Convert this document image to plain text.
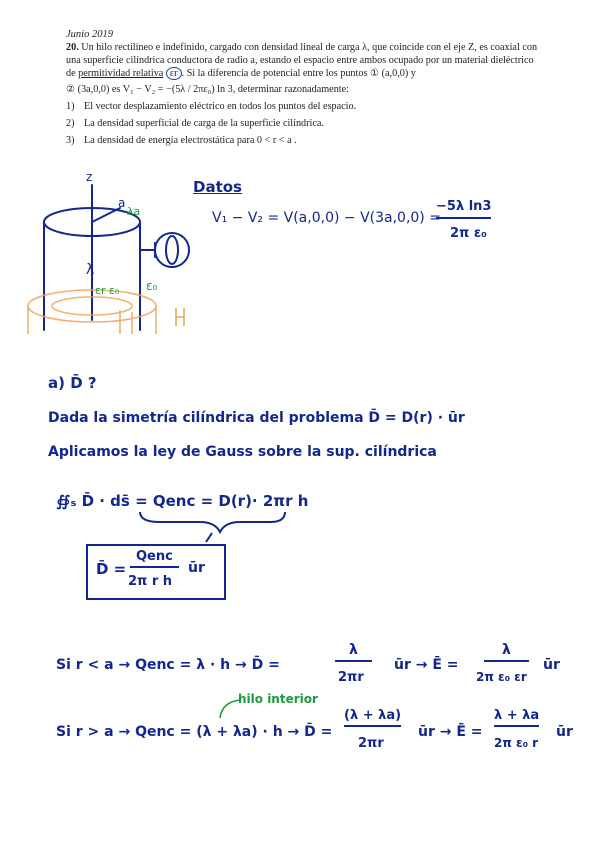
Junio 2019

20. Un hilo rectilíneo e indefinido, cargado con densidad lineal de carga λ, que coincide con el eje Z, es coaxial con una superficie cilíndrica conductora de radio a, estando el espacio entre ambos ocupado por un material dieléctrico de permitividad relativa εr . Si la diferencia de potencial entre los puntos ① (a,0,0) y

② (3a,0,0) es V₁ − V₂ = −(5λ / 2πε₀) ln 3, determinar razonadamente:

1) El vector desplazamiento eléctrico en todos los puntos del espacio.

2) La densidad superficial de carga de la superficie cilíndrica.

3) La densidad de energía electrostática para 0 < r < a .

z
a
λa
λ
ε₀
εr ε₀
Datos
V₁ − V₂ = V(a,0,0) − V(3a,0,0) =
−5λ ln3
2π ε₀
a) D̄ ?
Dada la simetría cilíndrica del problema D̄ = D(r) · ūr
Aplicamos la ley de Gauss sobre la sup. cilíndrica
∯ₛ D̄ · ds̄ = Qenc = D(r)· 2πr h
D̄ =
Qenc
2π r h
ūr
Si r < a → Qenc = λ · h → D̄ =
λ
2πr
ūr → Ē =
λ
2π ε₀ εr
ūr
hilo interior
Si r > a → Qenc = (λ + λa) · h → D̄ =
(λ + λa)
2πr
ūr → Ē =
λ + λa
2π ε₀ r
ūr
